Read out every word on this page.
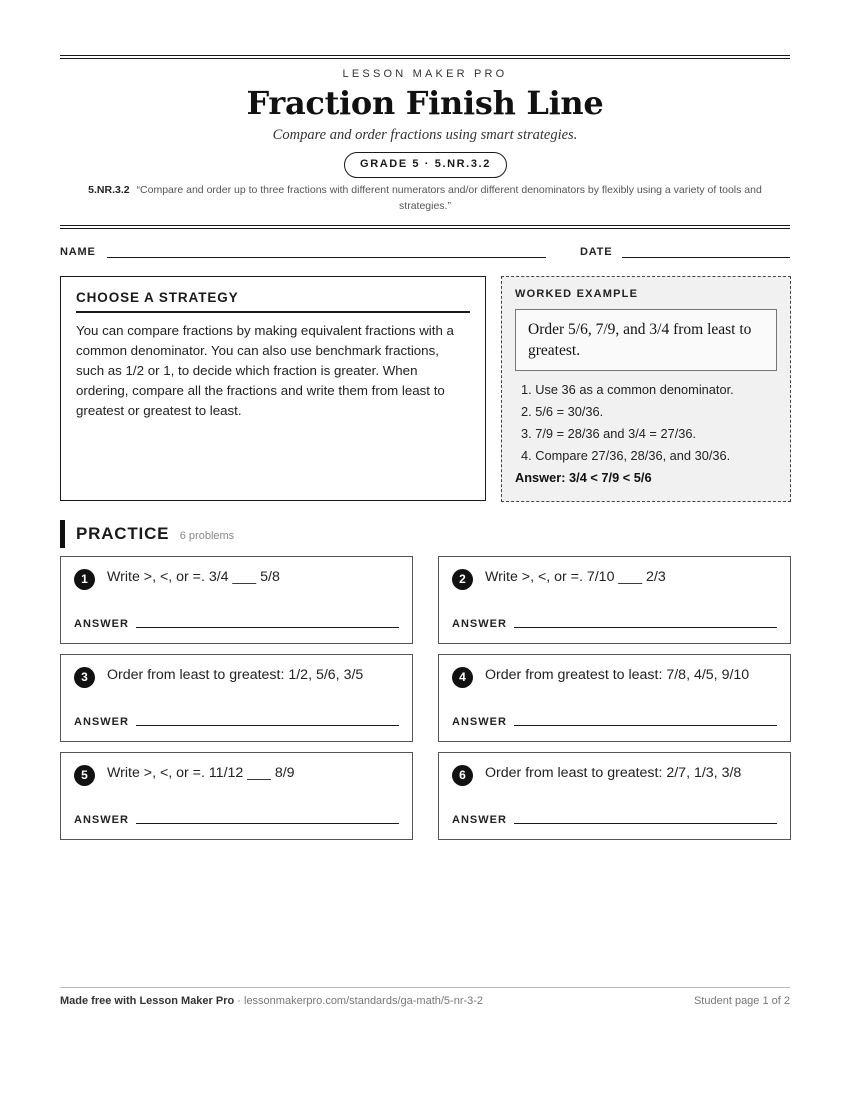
LESSON MAKER PRO
Fraction Finish Line
Compare and order fractions using smart strategies.
GRADE 5 · 5.NR.3.2
5.NR.3.2 “Compare and order up to three fractions with different numerators and/or different denominators by flexibly using a variety of tools and strategies.”
NAME	DATE
CHOOSE A STRATEGY

You can compare fractions by making equivalent fractions with a common denominator. You can also use benchmark fractions, such as 1/2 or 1, to decide which fraction is greater. When ordering, compare all the fractions and write them from least to greatest or greatest to least.

WORKED EXAMPLE
Order 5/6, 7/9, and 3/4 from least to greatest.
1. Use 36 as a common denominator.
2. 5/6 = 30/36.
3. 7/9 = 28/36 and 3/4 = 27/36.
4. Compare 27/36, 28/36, and 30/36.
Answer: 3/4 < 7/9 < 5/6
PRACTICE 6 problems
1	Write >, <, or =. 3/4 ___ 5/8
ANSWER
2	Write >, <, or =. 7/10 ___ 2/3
ANSWER
3	Order from least to greatest: 1/2, 5/6, 3/5
ANSWER
4	Order from greatest to least: 7/8, 4/5, 9/10
ANSWER
5	Write >, <, or =. 11/12 ___ 8/9
ANSWER
6	Order from least to greatest: 2/7, 1/3, 3/8
ANSWER
Made free with Lesson Maker Pro · lessonmakerpro.com/standards/ga-math/5-nr-3-2	Student page 1 of 2
